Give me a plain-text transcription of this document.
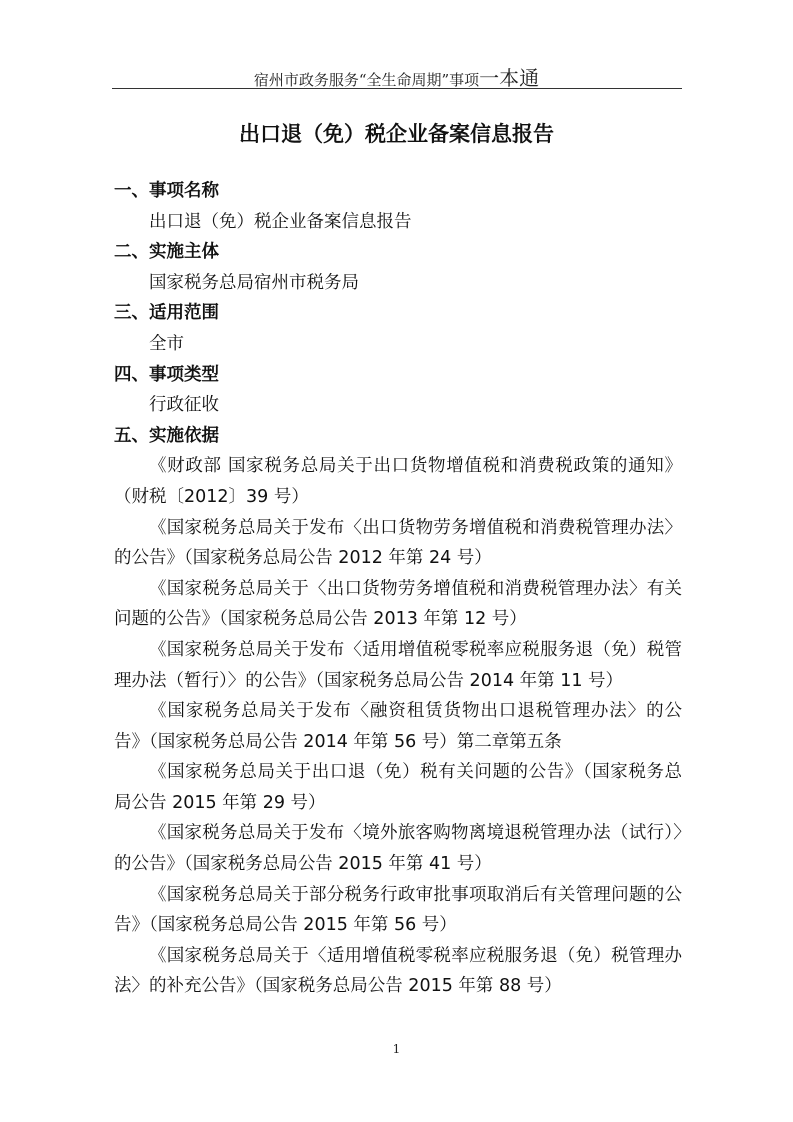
宿州市政务服务“全生命周期”事项一本通
出口退（免）税企业备案信息报告

一、事项名称

出口退（免）税企业备案信息报告

二、实施主体

国家税务总局宿州市税务局

三、适用范围

全市

四、事项类型

行政征收

五、实施依据

《财政部 国家税务总局关于出口货物增值税和消费税政策的通知》（财税〔2012〕39 号）

《国家税务总局关于发布〈出口货物劳务增值税和消费税管理办法〉的公告》（国家税务总局公告 2012 年第 24 号）

《国家税务总局关于〈出口货物劳务增值税和消费税管理办法〉有关问题的公告》（国家税务总局公告 2013 年第 12 号）

《国家税务总局关于发布〈适用增值税零税率应税服务退（免）税管理办法（暂行）〉的公告》（国家税务总局公告 2014 年第 11 号）

《国家税务总局关于发布〈融资租赁货物出口退税管理办法〉的公告》（国家税务总局公告 2014 年第 56 号）第二章第五条

《国家税务总局关于出口退（免）税有关问题的公告》（国家税务总局公告 2015 年第 29 号）

《国家税务总局关于发布〈境外旅客购物离境退税管理办法（试行）〉的公告》（国家税务总局公告 2015 年第 41 号）

《国家税务总局关于部分税务行政审批事项取消后有关管理问题的公告》（国家税务总局公告 2015 年第 56 号）

《国家税务总局关于〈适用增值税零税率应税服务退（免）税管理办法〉的补充公告》（国家税务总局公告 2015 年第 88 号）

1
